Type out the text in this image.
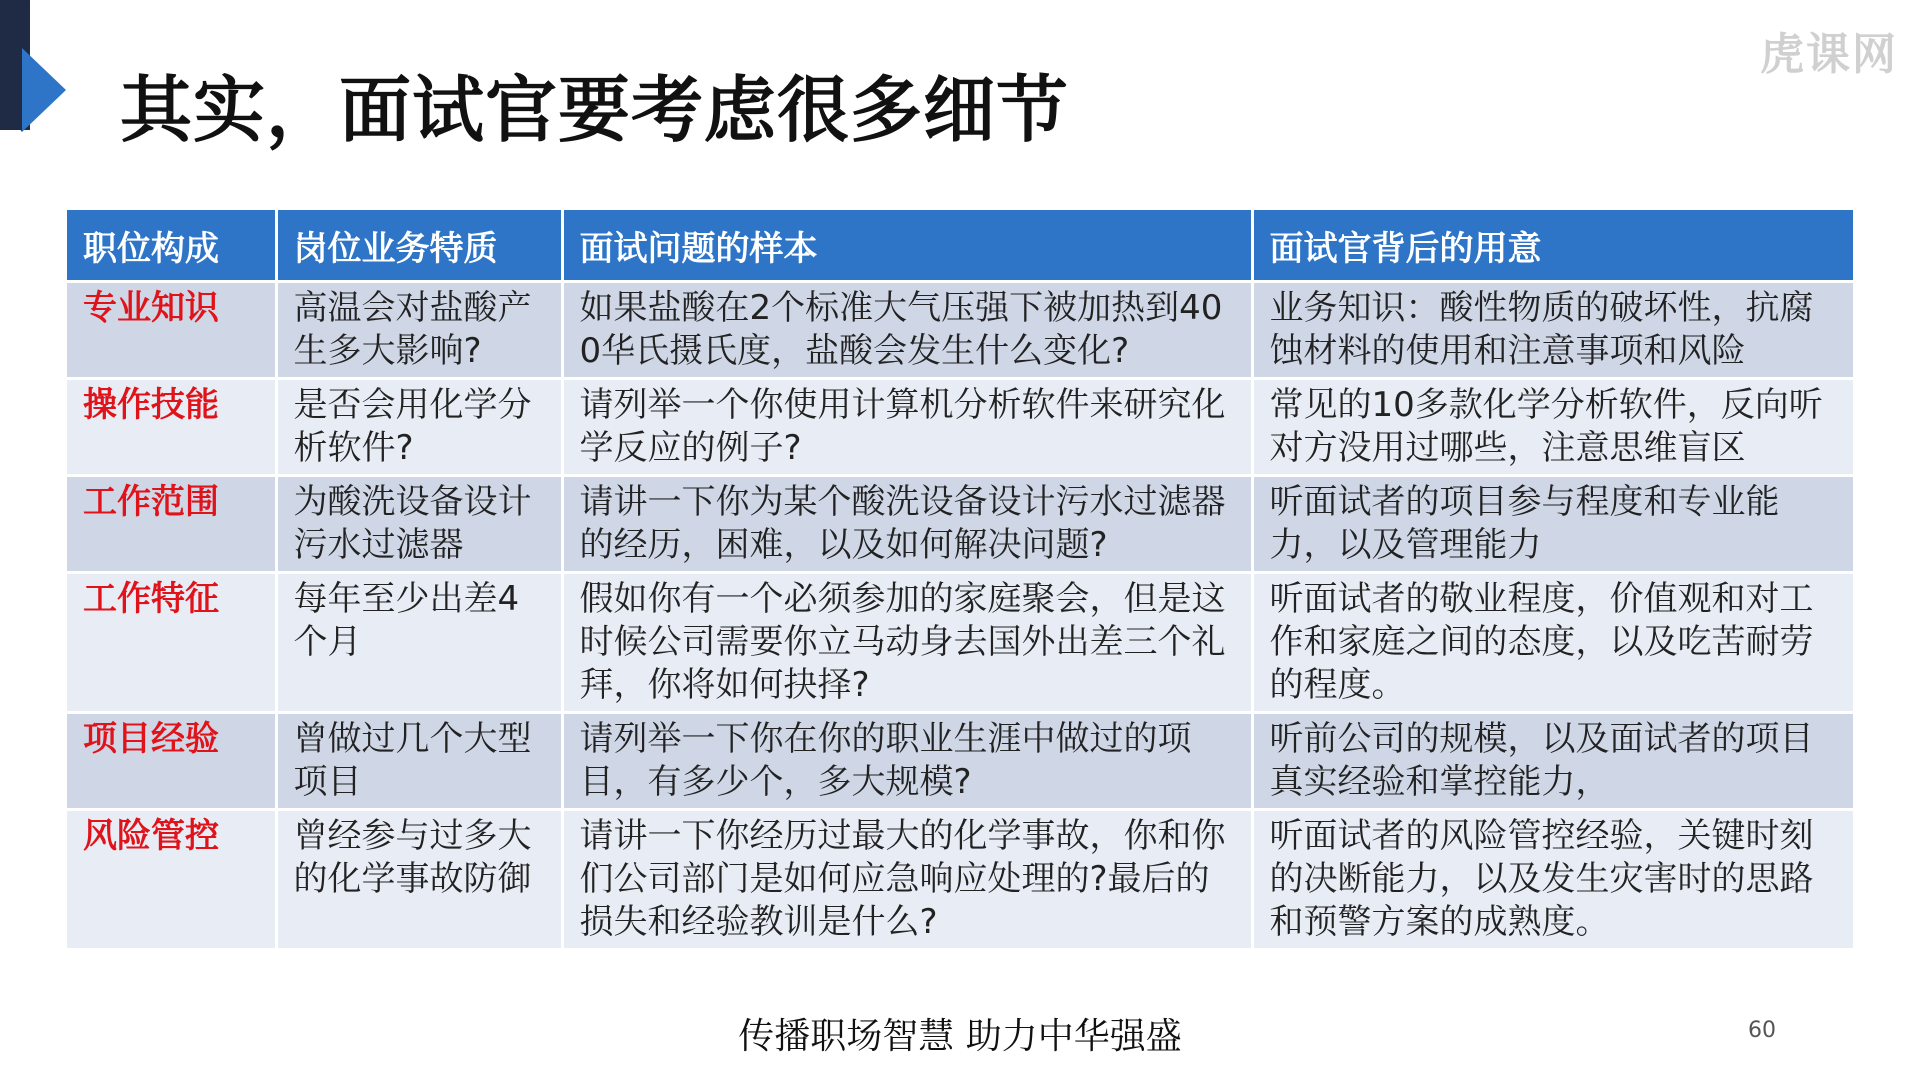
其实，面试官要考虑很多细节
虎课网
职位构成	岗位业务特质	面试问题的样本	面试官背后的用意
专业知识	高温会对盐酸产生多大影响?	如果盐酸在2个标准大气压强下被加热到400华氏摄氏度，盐酸会发生什么变化?	业务知识：酸性物质的破坏性，抗腐蚀材料的使用和注意事项和风险
操作技能	是否会用化学分析软件?	请列举一个你使用计算机分析软件来研究化学反应的例子?	常见的10多款化学分析软件，反向听对方没用过哪些，注意思维盲区
工作范围	为酸洗设备设计污水过滤器	请讲一下你为某个酸洗设备设计污水过滤器的经历，困难，以及如何解决问题?	听面试者的项目参与程度和专业能力，以及管理能力
工作特征	每年至少出差4个月	假如你有一个必须参加的家庭聚会，但是这时候公司需要你立马动身去国外出差三个礼拜，你将如何抉择?	听面试者的敬业程度，价值观和对工作和家庭之间的态度，以及吃苦耐劳的程度。
项目经验	曾做过几个大型项目	请列举一下你在你的职业生涯中做过的项目，有多少个，多大规模?	听前公司的规模，以及面试者的项目真实经验和掌控能力，
风险管控	曾经参与过多大的化学事故防御	请讲一下你经历过最大的化学事故，你和你们公司部门是如何应急响应处理的?最后的损失和经验教训是什么?	听面试者的风险管控经验，关键时刻的决断能力，以及发生灾害时的思路和预警方案的成熟度。
传播职场智慧 助力中华强盛	60
